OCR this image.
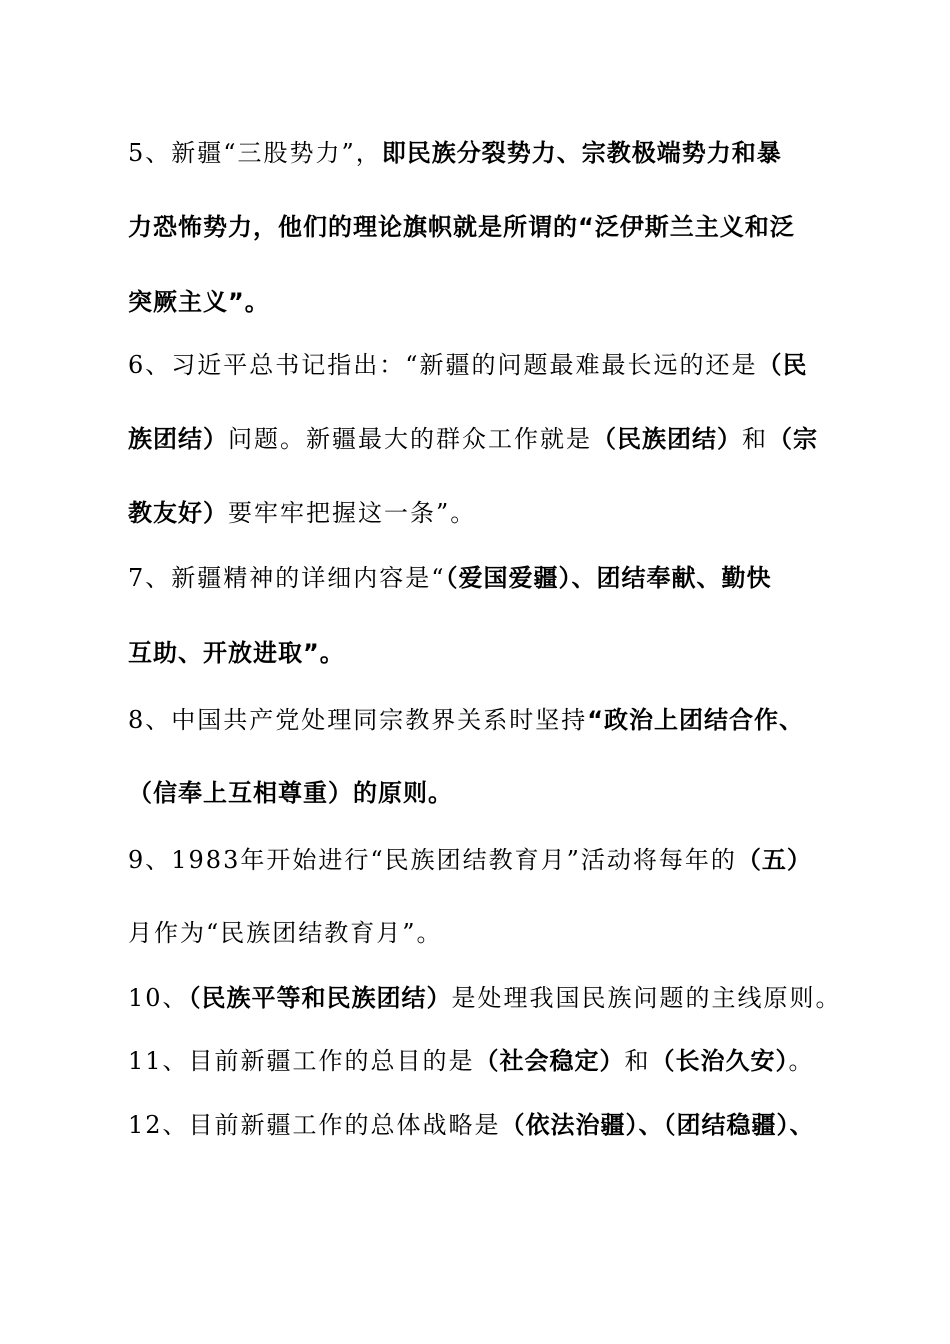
5、新疆“三股势力”，即民族分裂势力、宗教极端势力和暴
力恐怖势力，他们的理论旗帜就是所谓的“泛伊斯兰主义和泛
突厥主义”。
6、习近平总书记指出：“新疆的问题最难最长远的还是（民
族团结）问题。新疆最大的群众工作就是（民族团结）和（宗
教友好）要牢牢把握这一条”。
7、新疆精神的详细内容是“（爱国爱疆）、团结奉献、勤快
互助、开放进取”。
8、中国共产党处理同宗教界关系时坚持“政治上团结合作、
（信奉上互相尊重）的原则。
9、1983年开始进行“民族团结教育月”活动将每年的（五）
月作为“民族团结教育月”。
10、（民族平等和民族团结）是处理我国民族问题的主线原则。
11、目前新疆工作的总目的是（社会稳定）和（长治久安）。
12、目前新疆工作的总体战略是（依法治疆）、（团结稳疆）、
